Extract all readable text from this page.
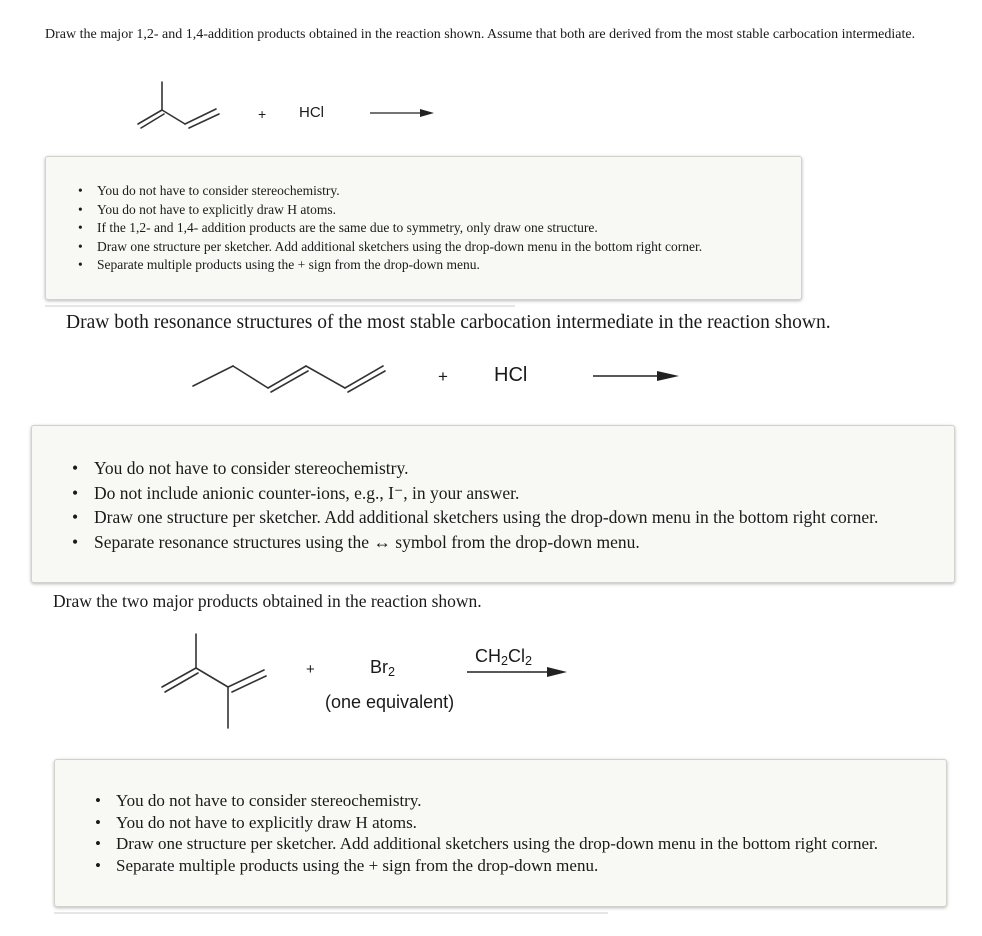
Draw the major 1,2- and 1,4-addition products obtained in the reaction shown. Assume that both are derived from the most stable carbocation intermediate.
+ HCl
• You do not have to consider stereochemistry.
• You do not have to explicitly draw H atoms.
• If the 1,2- and 1,4- addition products are the same due to symmetry, only draw one structure.
• Draw one structure per sketcher. Add additional sketchers using the drop-down menu in the bottom right corner.
• Separate multiple products using the + sign from the drop-down menu.
Draw both resonance structures of the most stable carbocation intermediate in the reaction shown.
+ HCl
• You do not have to consider stereochemistry.
• Do not include anionic counter-ions, e.g., I⁻, in your answer.
• Draw one structure per sketcher. Add additional sketchers using the drop-down menu in the bottom right corner.
• Separate resonance structures using the ↔ symbol from the drop-down menu.
Draw the two major products obtained in the reaction shown.
+	$Br_2$
(one equivalent)
$CH_2Cl_2$
• You do not have to consider stereochemistry.
• You do not have to explicitly draw H atoms.
• Draw one structure per sketcher. Add additional sketchers using the drop-down menu in the bottom right corner.
• Separate multiple products using the + sign from the drop-down menu.
